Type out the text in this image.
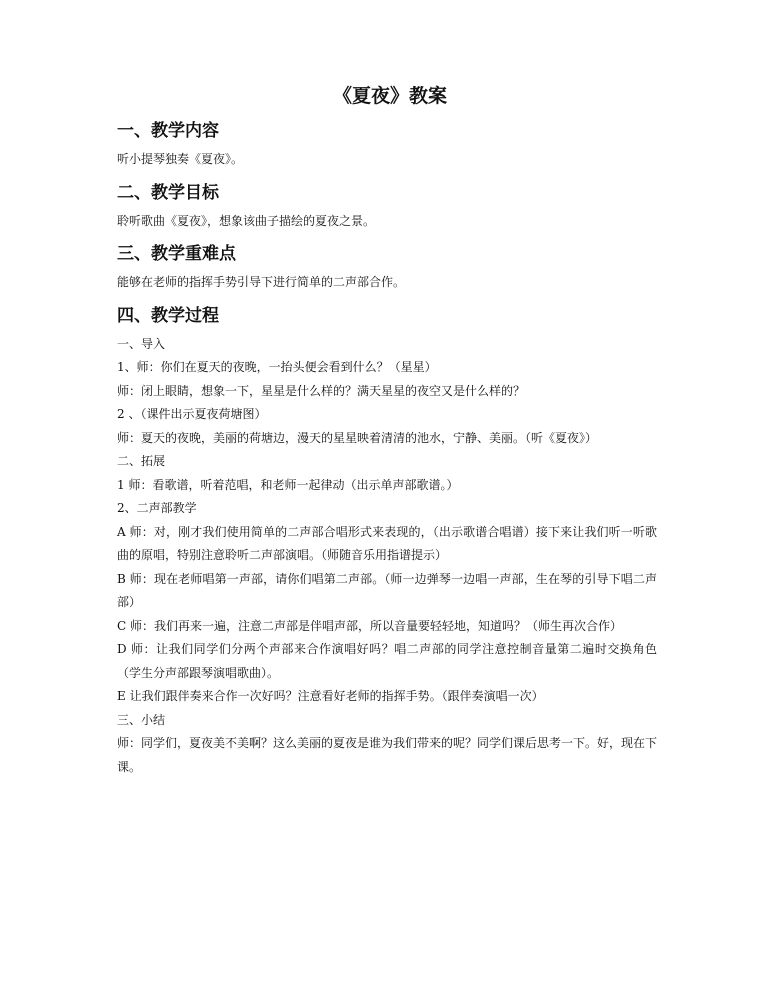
《夏夜》教案
一、教学内容

听小提琴独奏《夏夜》。

二、教学目标

聆听歌曲《夏夜》，想象该曲子描绘的夏夜之景。

三、教学重难点

能够在老师的指挥手势引导下进行简单的二声部合作。

四、教学过程

一、导入

1、师：你们在夏天的夜晚，一抬头便会看到什么？（星星）

师：闭上眼睛，想象一下，星星是什么样的？满天星星的夜空又是什么样的？

2 、（课件出示夏夜荷塘图）

师：夏天的夜晚，美丽的荷塘边，漫天的星星映着清清的池水，宁静、美丽。（听《夏夜》）

二、拓展

1 师：看歌谱，听着范唱，和老师一起律动（出示单声部歌谱。）

2、二声部教学

A 师：对，刚才我们使用简单的二声部合唱形式来表现的，（出示歌谱合唱谱）接下来让我们听一听歌曲的原唱，特别注意聆听二声部演唱。（师随音乐用指谱提示）

B 师：现在老师唱第一声部，请你们唱第二声部。（师一边弹琴一边唱一声部，生在琴的引导下唱二声部）

C 师：我们再来一遍，注意二声部是伴唱声部，所以音量要轻轻地，知道吗？（师生再次合作）

D 师：让我们同学们分两个声部来合作演唱好吗？唱二声部的同学注意控制音量第二遍时交换角色（学生分声部跟琴演唱歌曲）。

E 让我们跟伴奏来合作一次好吗？注意看好老师的指挥手势。（跟伴奏演唱一次）

三、小结

师：同学们，夏夜美不美啊？这么美丽的夏夜是谁为我们带来的呢？同学们课后思考一下。好，现在下课。
